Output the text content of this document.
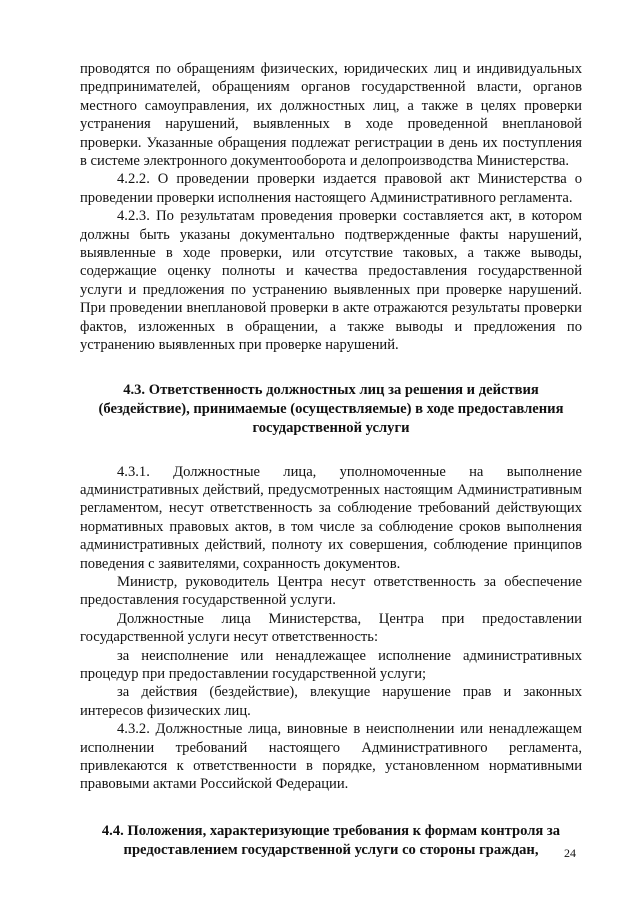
проводятся по обращениям физических, юридических лиц и индивидуальных предпринимателей, обращениям органов государственной власти, органов местного самоуправления, их должностных лиц, а также в целях проверки устранения нарушений, выявленных в ходе проведенной внеплановой проверки. Указанные обращения подлежат регистрации в день их поступления в системе электронного документооборота и делопроизводства Министерства.

4.2.2. О проведении проверки издается правовой акт Министерства о проведении проверки исполнения настоящего Административного регламента.

4.2.3. По результатам проведения проверки составляется акт, в котором должны быть указаны документально подтвержденные факты нарушений, выявленные в ходе проверки, или отсутствие таковых, а также выводы, содержащие оценку полноты и качества предоставления государственной услуги и предложения по устранению выявленных при проверке нарушений. При проведении внеплановой проверки в акте отражаются результаты проверки фактов, изложенных в обращении, а также выводы и предложения по устранению выявленных при проверке нарушений.

4.3. Ответственность должностных лиц за решения и действия (бездействие), принимаемые (осуществляемые) в ходе предоставления государственной услуги

4.3.1. Должностные лица, уполномоченные на выполнение административных действий, предусмотренных настоящим Административным регламентом, несут ответственность за соблюдение требований действующих нормативных правовых актов, в том числе за соблюдение сроков выполнения административных действий, полноту их совершения, соблюдение принципов поведения с заявителями, сохранность документов.

Министр, руководитель Центра несут ответственность за обеспечение предоставления государственной услуги.

Должностные лица Министерства, Центра при предоставлении государственной услуги несут ответственность:

за неисполнение или ненадлежащее исполнение административных процедур при предоставлении государственной услуги;

за действия (бездействие), влекущие нарушение прав и законных интересов физических лиц.

4.3.2. Должностные лица, виновные в неисполнении или ненадлежащем исполнении требований настоящего Административного регламента, привлекаются к ответственности в порядке, установленном нормативными правовыми актами Российской Федерации.

4.4. Положения, характеризующие требования к формам контроля за предоставлением государственной услуги со стороны граждан,	24
